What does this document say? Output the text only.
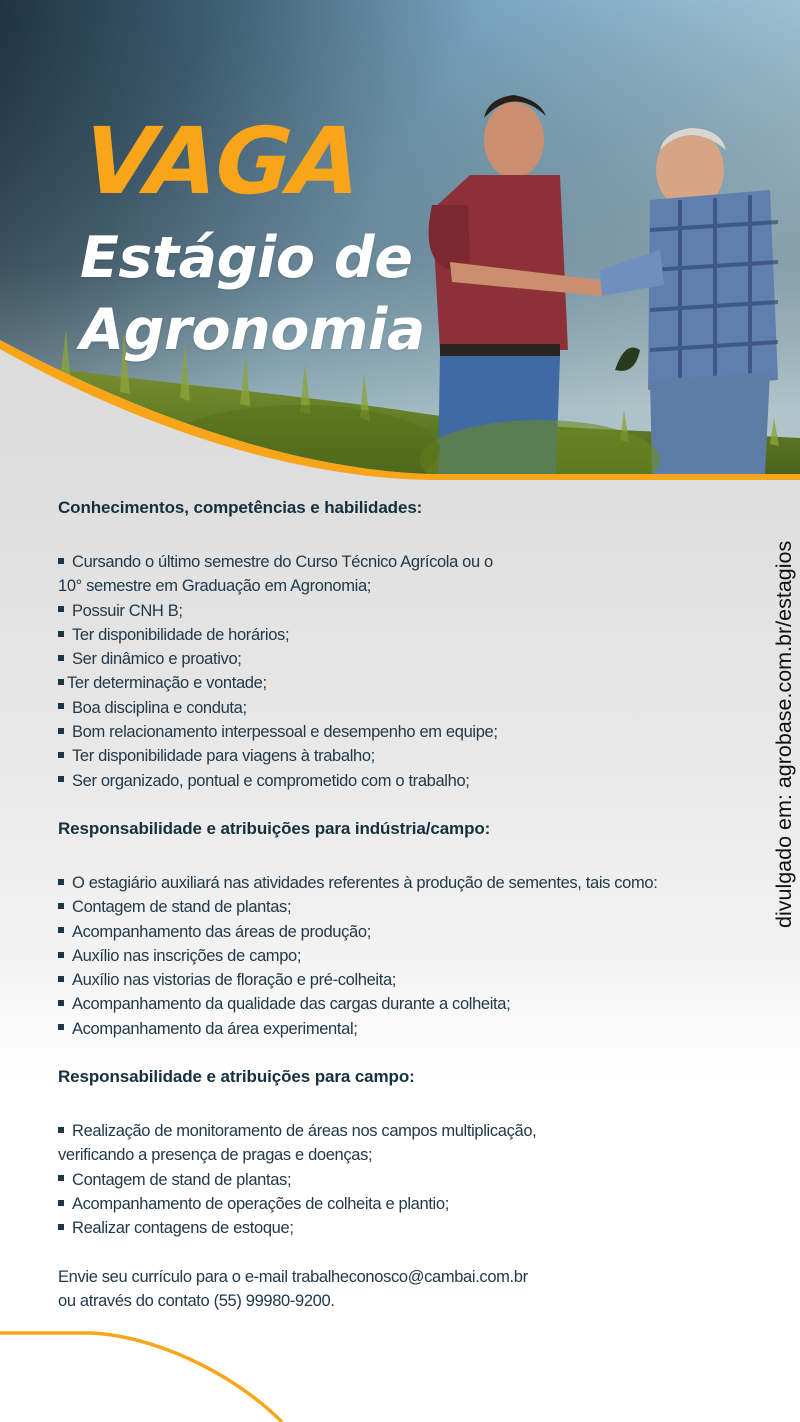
VAGA
Estágio de
Agronomia
Conhecimentos, competências e habilidades:
Cursando o último semestre do Curso Técnico Agrícola ou o
10° semestre em Graduação em Agronomia;
Possuir CNH B;
Ter disponibilidade de horários;
Ser dinâmico e proativo;
Ter determinação e vontade;
Boa disciplina e conduta;
Bom relacionamento interpessoal e desempenho em equipe;
Ter disponibilidade para viagens à trabalho;
Ser organizado, pontual e comprometido com o trabalho;
Responsabilidade e atribuições para indústria/campo:
O estagiário auxiliará nas atividades referentes à produção de sementes, tais como:
Contagem de stand de plantas;
Acompanhamento das áreas de produção;
Auxílio nas inscrições de campo;
Auxílio nas vistorias de floração e pré-colheita;
Acompanhamento da qualidade das cargas durante a colheita;
Acompanhamento da área experimental;
Responsabilidade e atribuições para campo:
Realização de monitoramento de áreas nos campos multiplicação,
verificando a presença de pragas e doenças;
Contagem de stand de plantas;
Acompanhamento de operações de colheita e plantio;
Realizar contagens de estoque;
Envie seu currículo para o e-mail trabalheconosco@cambai.com.br
ou através do contato (55) 99980-9200.
divulgado em: agrobase.com.br/estagios
